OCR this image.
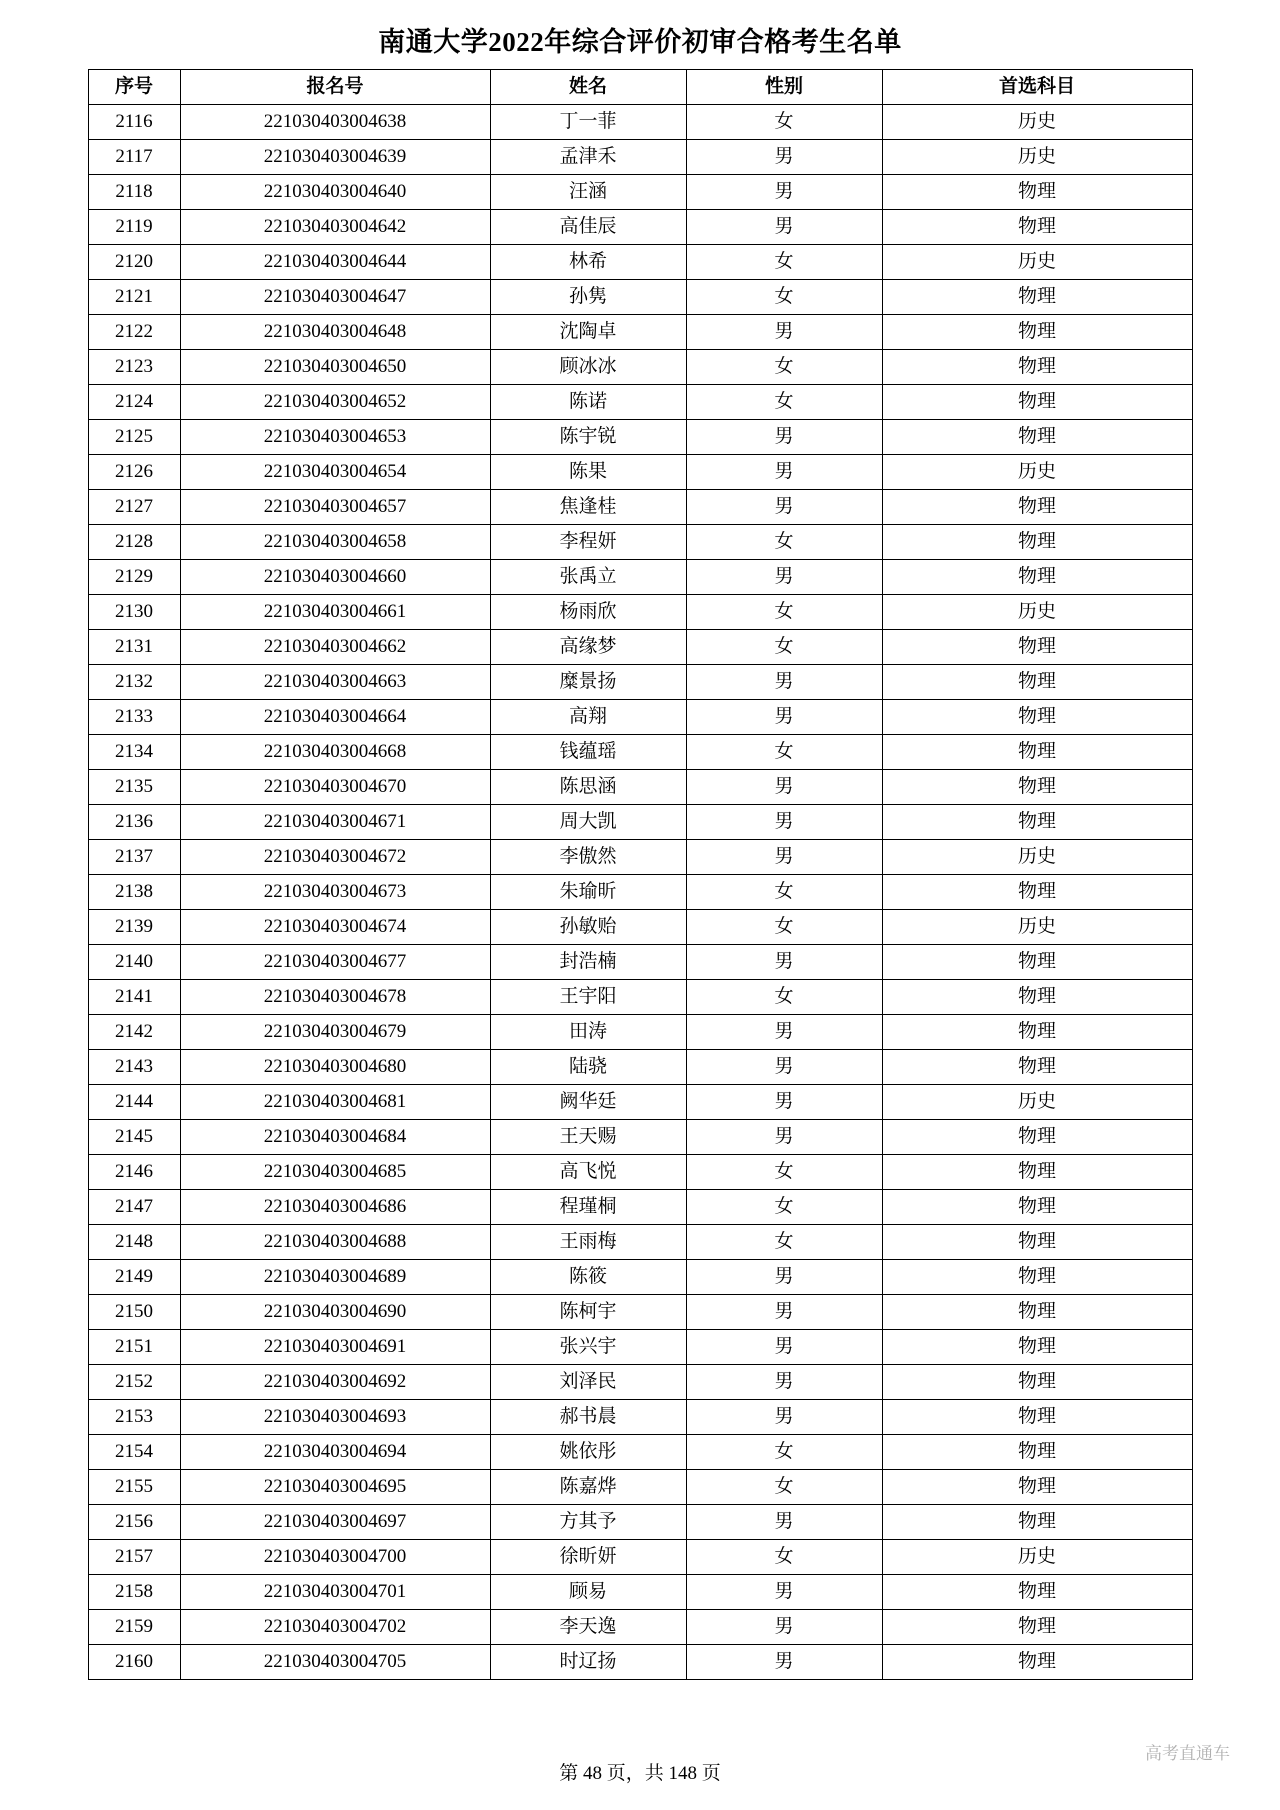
南通大学2022年综合评价初审合格考生名单
序号	报名号	姓名	性别	首选科目
2116	221030403004638	丁一菲	女	历史
2117	221030403004639	孟津禾	男	历史
2118	221030403004640	汪涵	男	物理
2119	221030403004642	高佳辰	男	物理
2120	221030403004644	林希	女	历史
2121	221030403004647	孙隽	女	物理
2122	221030403004648	沈陶卓	男	物理
2123	221030403004650	顾冰冰	女	物理
2124	221030403004652	陈诺	女	物理
2125	221030403004653	陈宇锐	男	物理
2126	221030403004654	陈果	男	历史
2127	221030403004657	焦逢桂	男	物理
2128	221030403004658	李程妍	女	物理
2129	221030403004660	张禹立	男	物理
2130	221030403004661	杨雨欣	女	历史
2131	221030403004662	高缘梦	女	物理
2132	221030403004663	糜景扬	男	物理
2133	221030403004664	高翔	男	物理
2134	221030403004668	钱蕴瑶	女	物理
2135	221030403004670	陈思涵	男	物理
2136	221030403004671	周大凯	男	物理
2137	221030403004672	李傲然	男	历史
2138	221030403004673	朱瑜昕	女	物理
2139	221030403004674	孙敏贻	女	历史
2140	221030403004677	封浩楠	男	物理
2141	221030403004678	王宇阳	女	物理
2142	221030403004679	田涛	男	物理
2143	221030403004680	陆骁	男	物理
2144	221030403004681	阙华廷	男	历史
2145	221030403004684	王天赐	男	物理
2146	221030403004685	高飞悦	女	物理
2147	221030403004686	程瑾桐	女	物理
2148	221030403004688	王雨梅	女	物理
2149	221030403004689	陈筱	男	物理
2150	221030403004690	陈柯宇	男	物理
2151	221030403004691	张兴宇	男	物理
2152	221030403004692	刘泽民	男	物理
2153	221030403004693	郝书晨	男	物理
2154	221030403004694	姚依彤	女	物理
2155	221030403004695	陈嘉烨	女	物理
2156	221030403004697	方其予	男	物理
2157	221030403004700	徐昕妍	女	历史
2158	221030403004701	顾易	男	物理
2159	221030403004702	李天逸	男	物理
2160	221030403004705	时辽扬	男	物理
第 48 页，共 148 页
高考直通车
